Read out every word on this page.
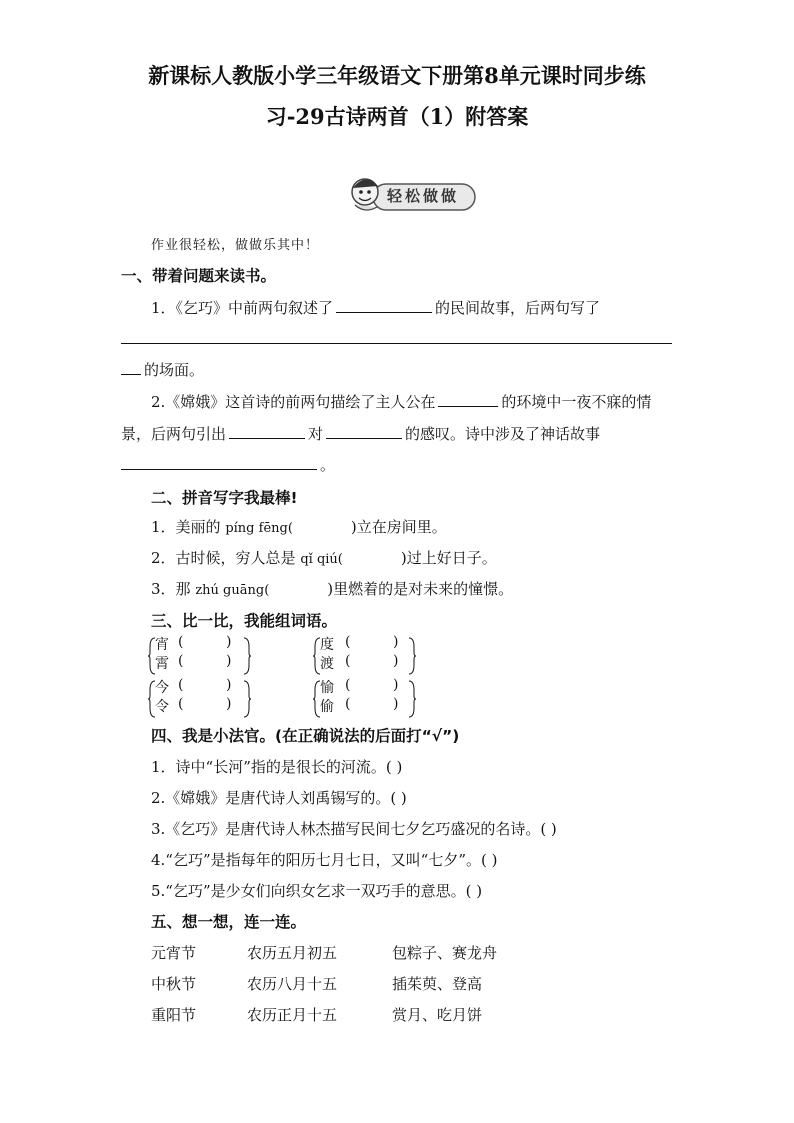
新课标人教版小学三年级语文下册第8单元课时同步练
习-29古诗两首（1）附答案
轻松做做
作业很轻松，做做乐其中！
一、带着问题来读书。
1．《乞巧》中前两句叙述了	的民间故事，后两句写了
的场面。
2.《嫦娥》这首诗的前两句描绘了主人公在	的环境中一夜不寐的情
景，后两句引出	对	的感叹。诗中涉及了神话故事
。
二、拼音写字我最棒!
1．美丽的 píng fēng(	)立在房间里。
2．古时候，穷人总是 qǐ qiú(	)过上好日子。
3．那 zhú guāng(	)里燃着的是对未来的憧憬。
三、比一比，我能组词语。
宵 (	)
霄 (	)
度 (	)
渡 (	)
今 (	)
令 (	)
愉 (	)
偷 (	)
四、我是小法官。(在正确说法的后面打“√”)
1．诗中“长河”指的是很长的河流。( )
2.《嫦娥》是唐代诗人刘禹锡写的。( )
3.《乞巧》是唐代诗人林杰描写民间七夕乞巧盛况的名诗。( )
4.“乞巧”是指每年的阳历七月七日，又叫“七夕”。( )
5.“乞巧”是少女们向织女乞求一双巧手的意思。( )
五、想一想，连一连。
元宵节	农历五月初五	包粽子、赛龙舟
中秋节	农历八月十五	插茱萸、登高
重阳节	农历正月十五	赏月、吃月饼
